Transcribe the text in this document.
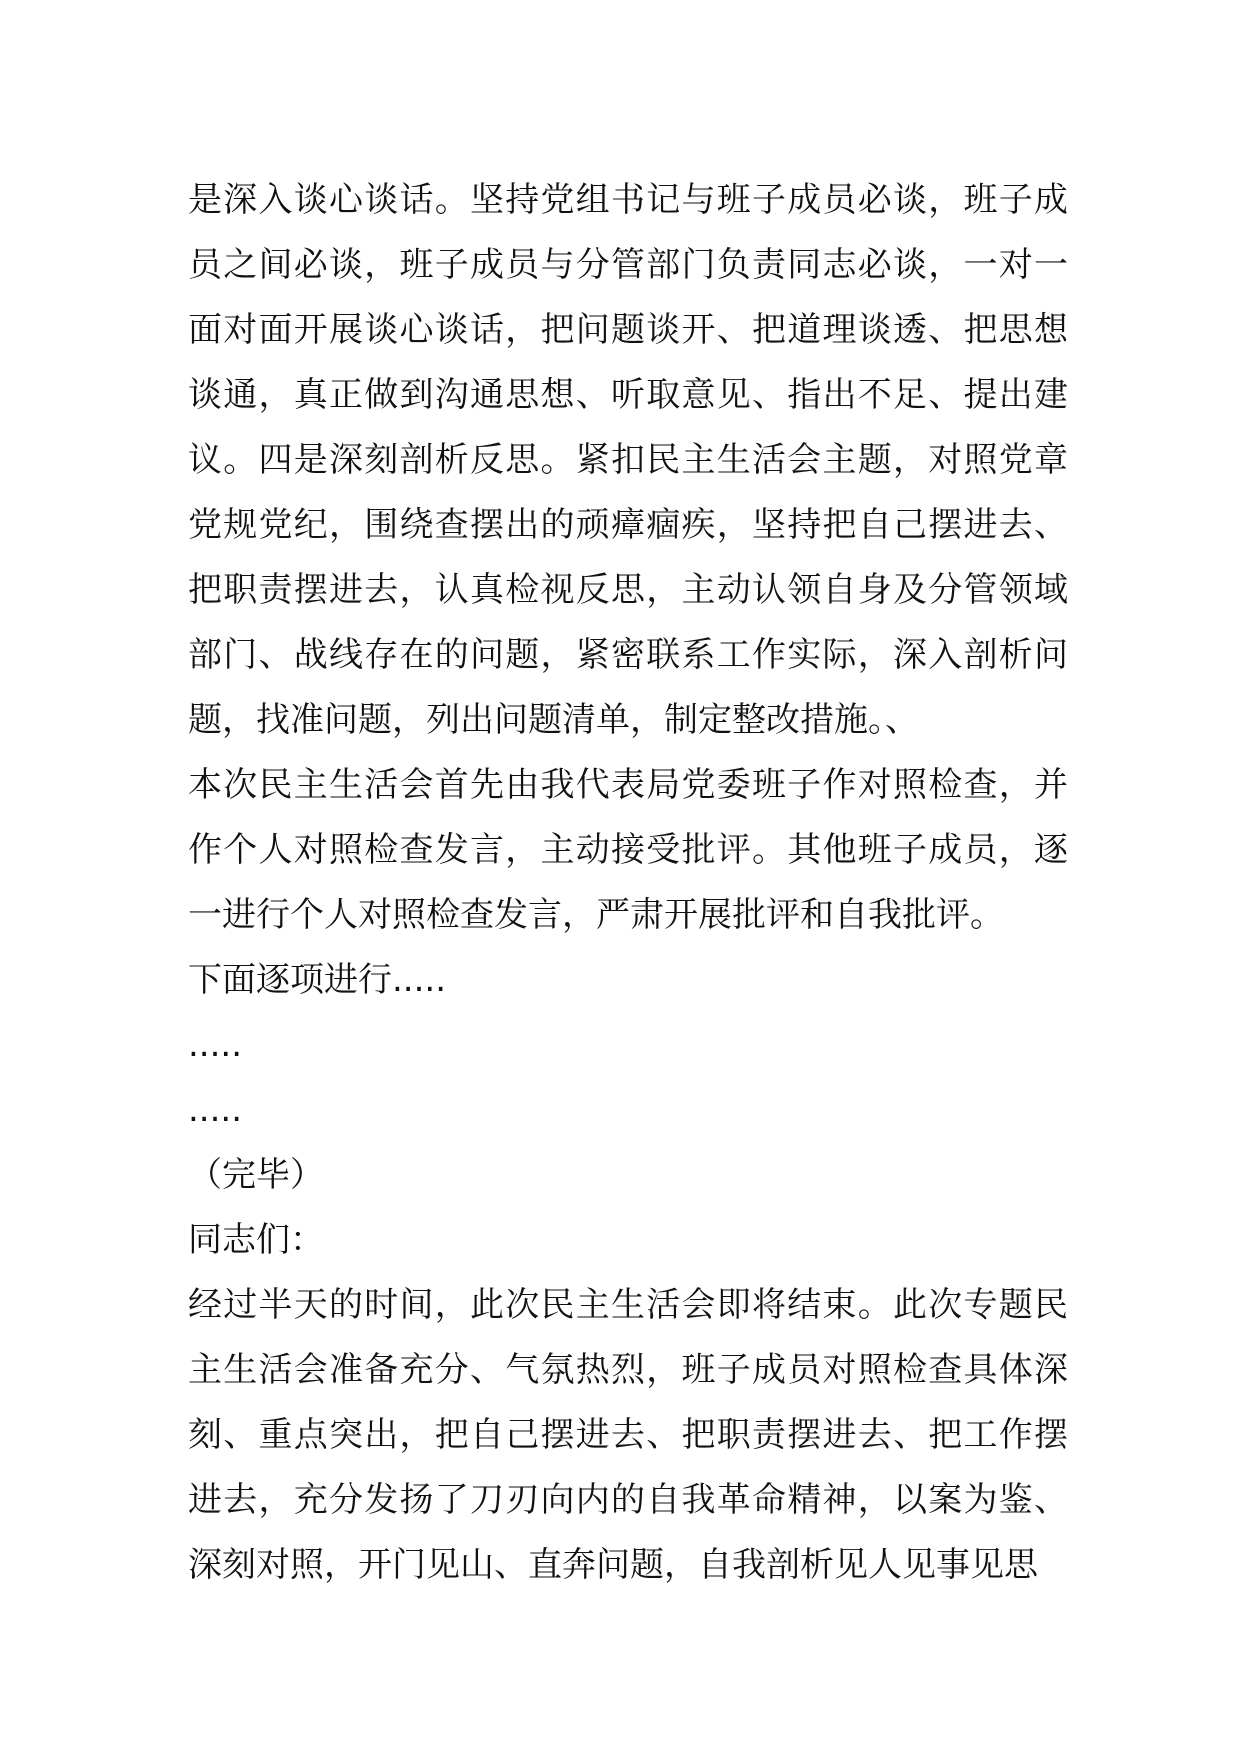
是深入谈心谈话。坚持党组书记与班子成员必谈，班子成员之间必谈，班子成员与分管部门负责同志必谈，一对一面对面开展谈心谈话，把问题谈开、把道理谈透、把思想谈通，真正做到沟通思想、听取意见、指出不足、提出建议。四是深刻剖析反思。紧扣民主生活会主题，对照党章党规党纪，围绕查摆出的顽瘴痼疾，坚持把自己摆进去、把职责摆进去，认真检视反思，主动认领自身及分管领域部门、战线存在的问题，紧密联系工作实际，深入剖析问题，找准问题，列出问题清单，制定整改措施。、

本次民主生活会首先由我代表局党委班子作对照检查，并作个人对照检查发言，主动接受批评。其他班子成员，逐一进行个人对照检查发言，严肃开展批评和自我批评。

下面逐项进行.....

.....

.....

（完毕）

同志们：

经过半天的时间，此次民主生活会即将结束。此次专题民主生活会准备充分、气氛热烈，班子成员对照检查具体深刻、重点突出，把自己摆进去、把职责摆进去、把工作摆进去，充分发扬了刀刃向内的自我革命精神，以案为鉴、深刻对照，开门见山、直奔问题，自我剖析见人见事见思
